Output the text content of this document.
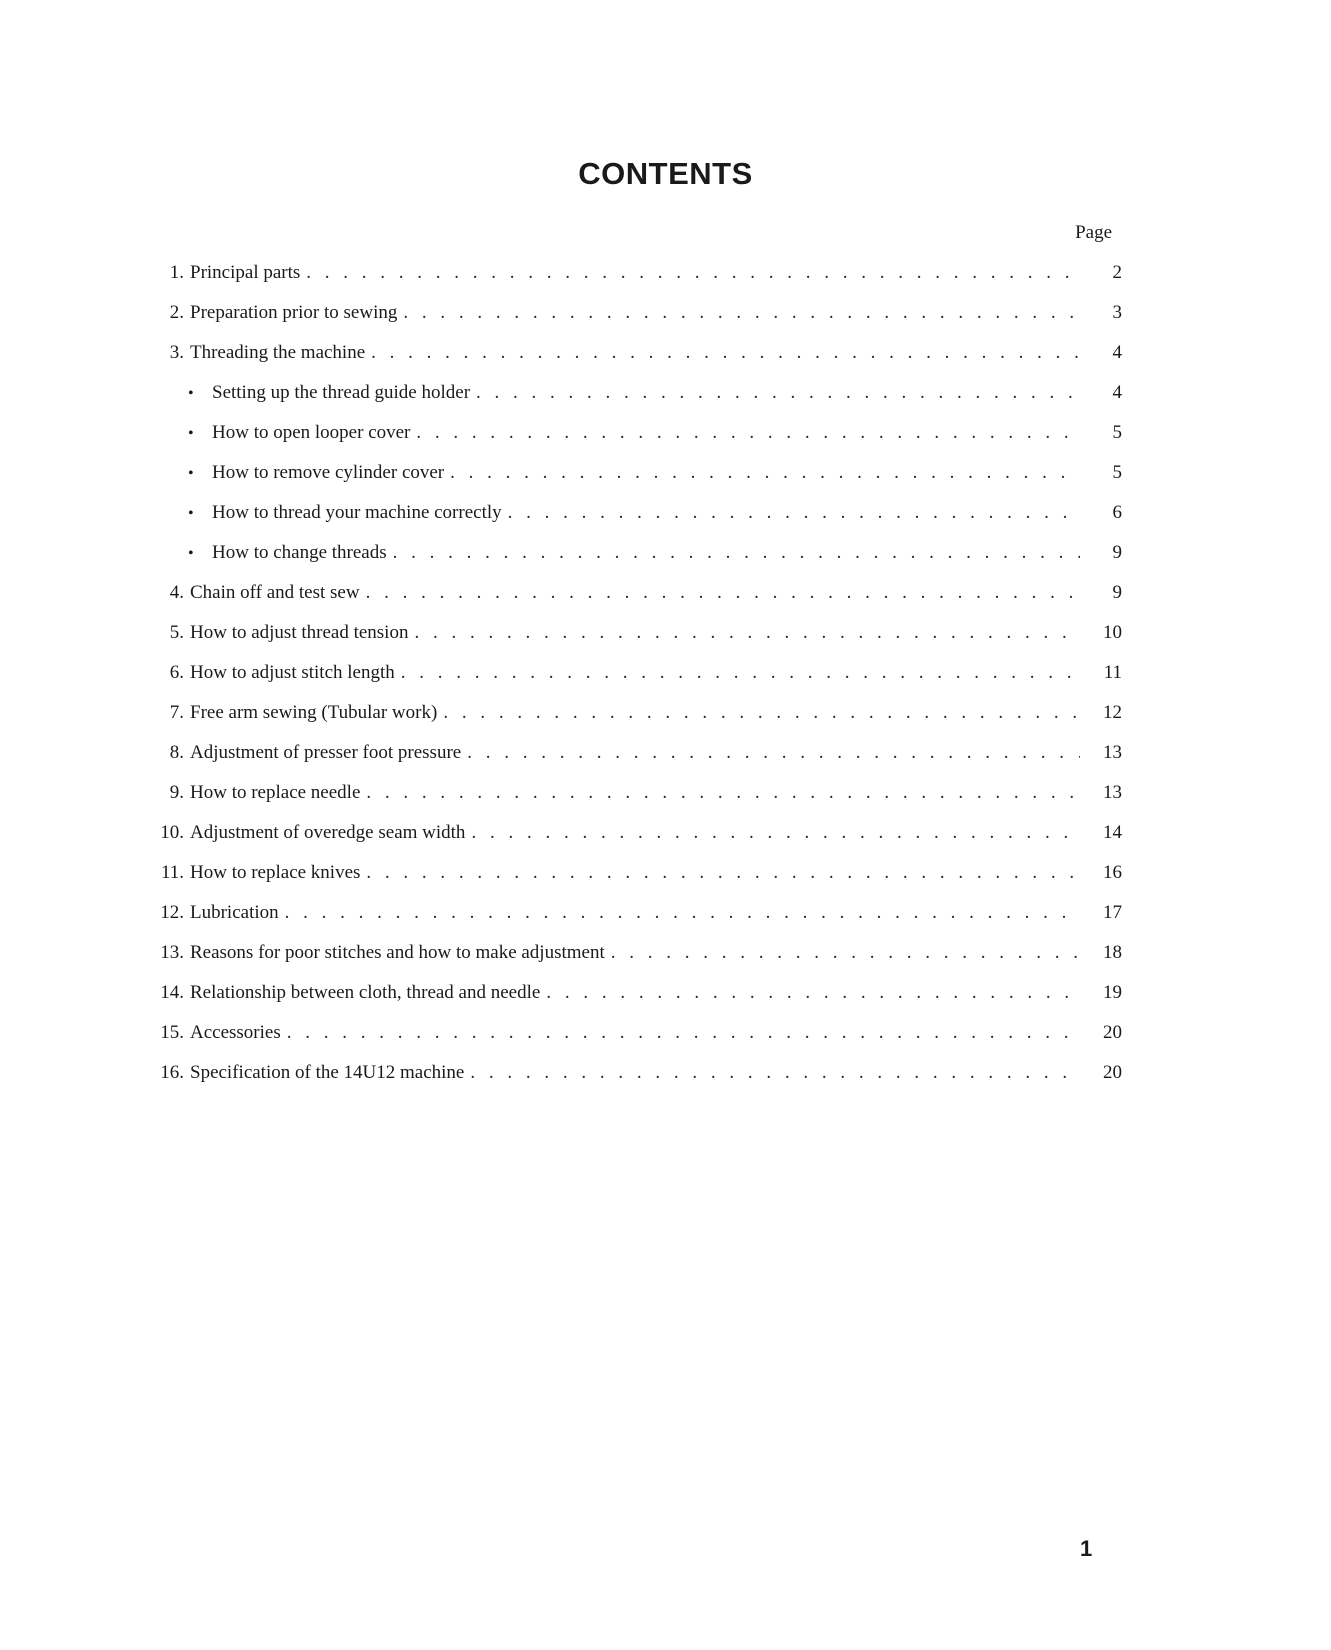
CONTENTS
Page
1. Principal parts . . .	2
2. Preparation prior to sewing . . .	3
3. Threading the machine . . .	4
• Setting up the thread guide holder . . .	4
• How to open looper cover . . .	5
• How to remove cylinder cover . . .	5
• How to thread your machine correctly . . .	6
• How to change threads . . .	9
4. Chain off and test sew . . .	9
5. How to adjust thread tension . . .	10
6. How to adjust stitch length . . .	11
7. Free arm sewing (Tubular work) . . .	12
8. Adjustment of presser foot pressure . . .	13
9. How to replace needle . . .	13
10. Adjustment of overedge seam width . . .	14
11. How to replace knives . . .	16
12. Lubrication . . .	17
13. Reasons for poor stitches and how to make adjustment . . .	18
14. Relationship between cloth, thread and needle . . .	19
15. Accessories . . .	20
16. Specification of the 14U12 machine . . .	20
1
